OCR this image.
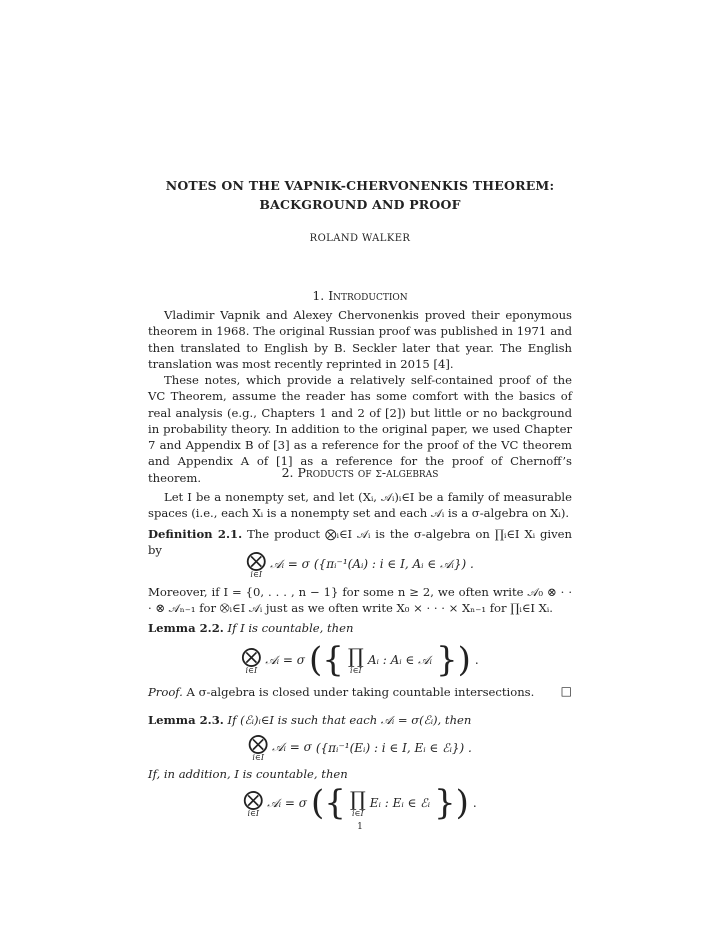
NOTES ON THE VAPNIK-CHERVONENKIS THEOREM:
BACKGROUND AND PROOF
ROLAND WALKER
1. Introduction

Vladimir Vapnik and Alexey Chervonenkis proved their eponymous theorem in 1968. The original Russian proof was published in 1971 and then translated to English by B. Seckler later that year. The English translation was most recently reprinted in 2015 [4].

These notes, which provide a relatively self-contained proof of the VC Theorem, assume the reader has some comfort with the basics of real analysis (e.g., Chapters 1 and 2 of [2]) but little or no background in probability theory. In addition to the original paper, we used Chapter 7 and Appendix B of [3] as a reference for the proof of the VC theorem and Appendix A of [1] as a reference for the proof of Chernoff’s theorem.	2. Products of σ-algebras

Let I be a nonempty set, and let (Xᵢ, 𝒜ᵢ)ᵢ∈I be a family of measurable spaces (i.e., each Xᵢ is a nonempty set and each 𝒜ᵢ is a σ-algebra on Xᵢ).

Definition 2.1. The product ⨂ᵢ∈I 𝒜ᵢ is the σ-algebra on ∏ᵢ∈I Xᵢ given by	⨂
i∈I
𝒜ᵢ = σ ({πᵢ⁻¹(Aᵢ) : i ∈ I, Aᵢ ∈ 𝒜ᵢ}) .

Moreover, if I = {0, . . . , n − 1} for some n ≥ 2, we often write 𝒜₀ ⊗ · · · ⊗ 𝒜ₙ₋₁ for ⨂ᵢ∈I 𝒜ᵢ just as we often write X₀ × · · · × Xₙ₋₁ for ∏ᵢ∈I Xᵢ.

Lemma 2.2. If I is countable, then

⨂
i∈I
𝒜ᵢ = σ ({ ∏
i∈I
Aᵢ : Aᵢ ∈ 𝒜ᵢ }) .

Proof. A σ-algebra is closed under taking countable intersections.	□

Lemma 2.3. If (ℰᵢ)ᵢ∈I is such that each 𝒜ᵢ = σ(ℰᵢ), then

⨂
i∈I
𝒜ᵢ = σ ({πᵢ⁻¹(Eᵢ) : i ∈ I, Eᵢ ∈ ℰᵢ}) .

If, in addition, I is countable, then

⨂
i∈I
𝒜ᵢ = σ ({ ∏
i∈I
Eᵢ : Eᵢ ∈ ℰᵢ }) .
1
